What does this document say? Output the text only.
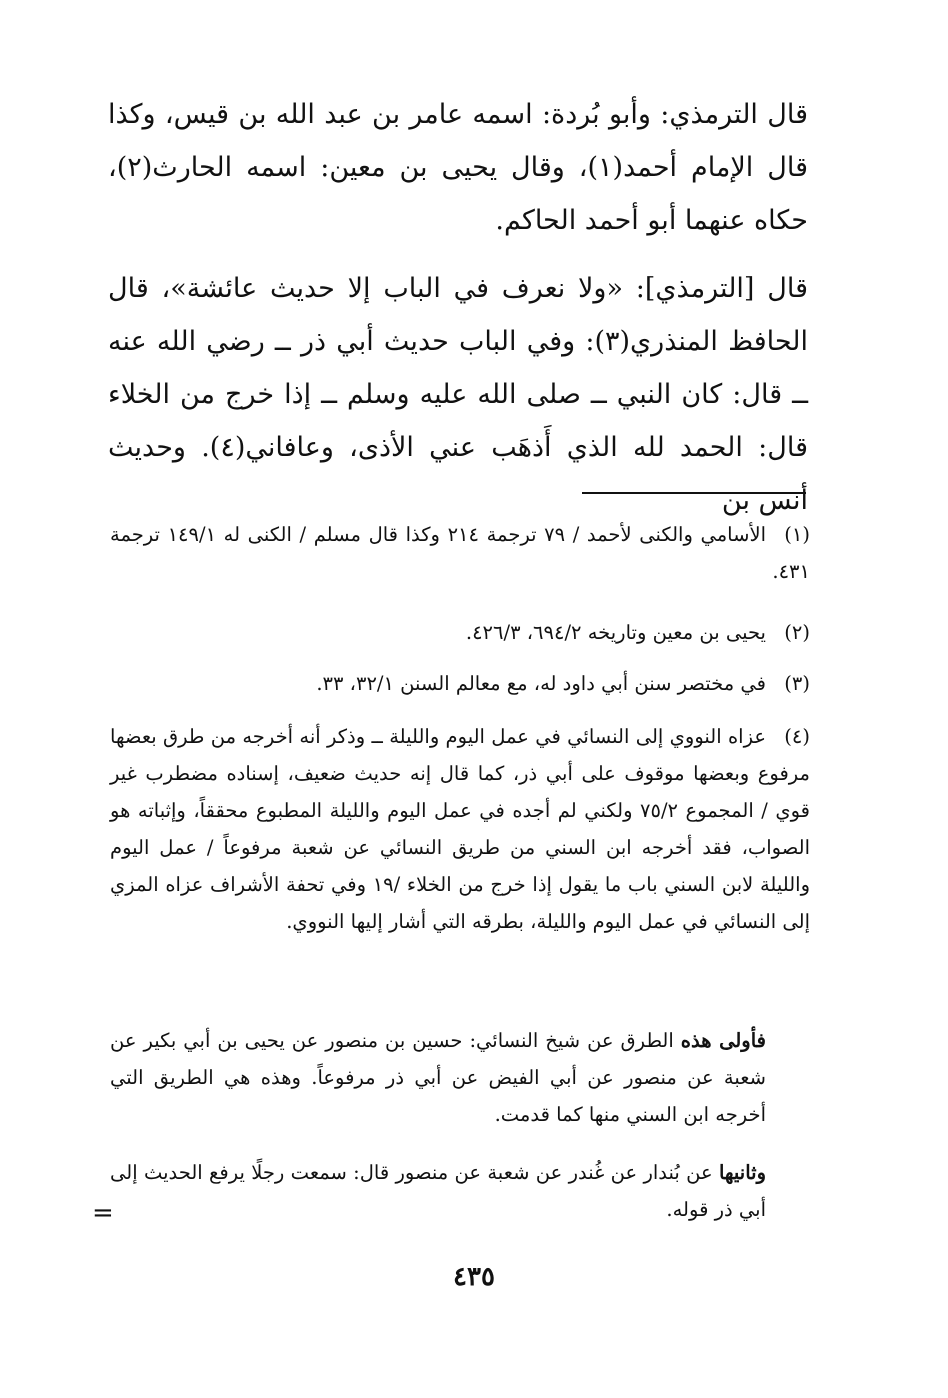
قال الترمذي: وأبو بُردة: اسمه عامر بن عبد الله بن قيس، وكذا قال الإمام أحمد(١)، وقال يحيى بن معين: اسمه الحارث(٢)، حكاه عنهما أبو أحمد الحاكم.

قال [الترمذي]: «ولا نعرف في الباب إلا حديث عائشة»، قال الحافظ المنذري(٣): وفي الباب حديث أبي ذر ــ رضي الله عنه ــ قال: كان النبي ــ صلى الله عليه وسلم ــ إذا خرج من الخلاء قال: الحمد لله الذي أَذهَب عني الأذى، وعافاني(٤). وحديث أنس بن

(١)الأسامي والكنى لأحمد / ٧٩ ترجمة ٢١٤ وكذا قال مسلم / الكنى له ١٤٩/١ ترجمة ٤٣١.

(٢)يحيى بن معين وتاريخه ٦٩٤/٢، ٤٢٦/٣.

(٣)في مختصر سنن أبي داود له، مع معالم السنن ٣٢/١، ٣٣.

(٤)عزاه النووي إلى النسائي في عمل اليوم والليلة ــ وذكر أنه أخرجه من طرق بعضها مرفوع وبعضها موقوف على أبي ذر، كما قال إنه حديث ضعيف، إسناده مضطرب غير قوي / المجموع ٧٥/٢ ولكني لم أجده في عمل اليوم والليلة المطبوع محققاً، وإثباته هو الصواب، فقد أخرجه ابن السني من طريق النسائي عن شعبة مرفوعاً / عمل اليوم والليلة لابن السني باب ما يقول إذا خرج من الخلاء /١٩ وفي تحفة الأشراف عزاه المزي إلى النسائي في عمل اليوم والليلة، بطرقه التي أشار إليها النووي.

فأولى هذه الطرق عن شيخ النسائي: حسين بن منصور عن يحيى بن أبي بكير عن شعبة عن منصور عن أبي الفيض عن أبي ذر مرفوعاً. وهذه هي الطريق التي أخرجه ابن السني منها كما قدمت.

وثانيها عن بُندار عن غُندر عن شعبة عن منصور قال: سمعت رجلًا يرفع الحديث إلى أبي ذر قوله.

=
٤٣٥
